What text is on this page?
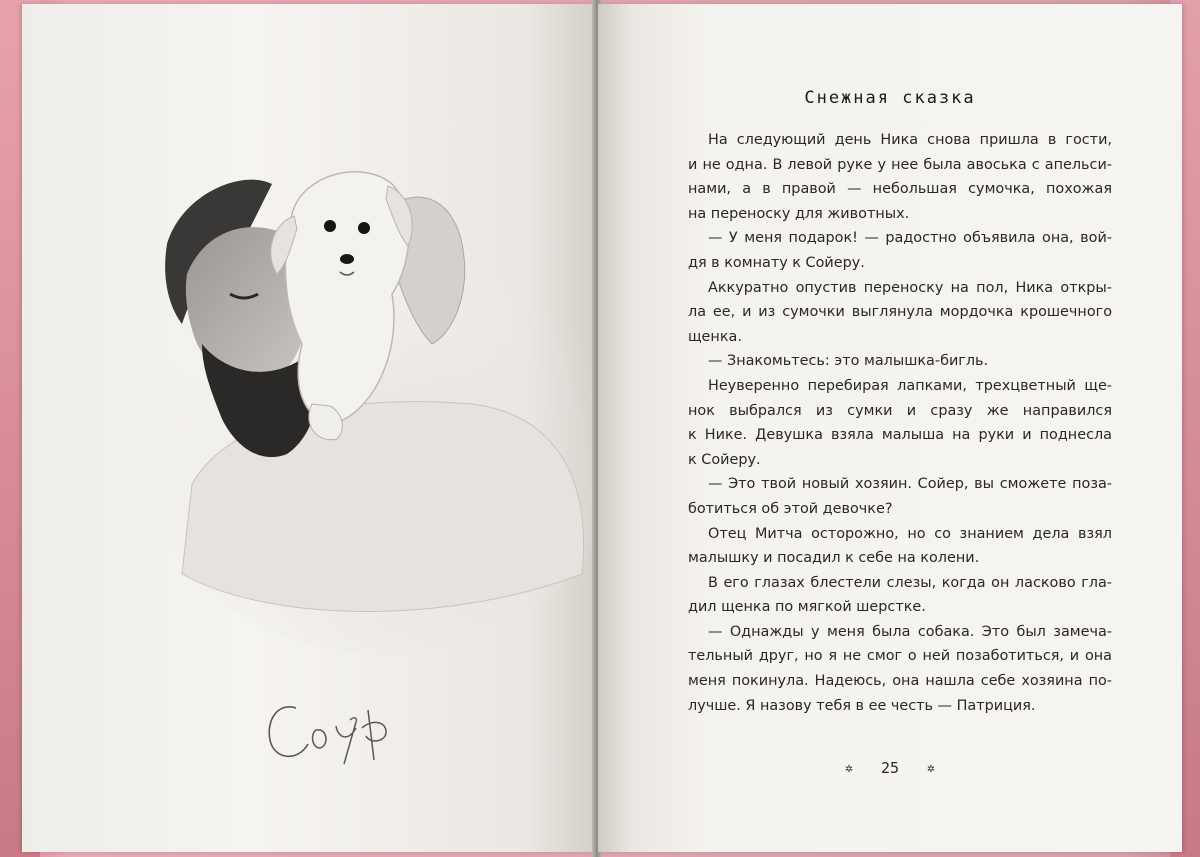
Снежная сказка
На следующий день Ника снова пришла в гости,
и не одна. В левой руке у нее была авоська с апельси-
нами, а в правой — небольшая сумочка, похожая
на переноску для животных.
— У меня подарок! — радостно объявила она, вой-
дя в комнату к Сойеру.
Аккуратно опустив переноску на пол, Ника откры-
ла ее, и из сумочки выглянула мордочка крошечного
щенка.
— Знакомьтесь: это малышка-бигль.
Неуверенно перебирая лапками, трехцветный ще-
нок выбрался из сумки и сразу же направился
к Нике. Девушка взяла малыша на руки и поднесла
к Сойеру.
— Это твой новый хозяин. Сойер, вы сможете поза-
ботиться об этой девочке?
Отец Митча осторожно, но со знанием дела взял
малышку и посадил к себе на колени.
В его глазах блестели слезы, когда он ласково гла-
дил щенка по мягкой шерстке.
— Однажды у меня была собака. Это был замеча-
тельный друг, но я не смог о ней позаботиться, и она
меня покинула. Надеюсь, она нашла себе хозяина по-
лучше. Я назову тебя в ее честь — Патриция.
✲ 25 ✲
